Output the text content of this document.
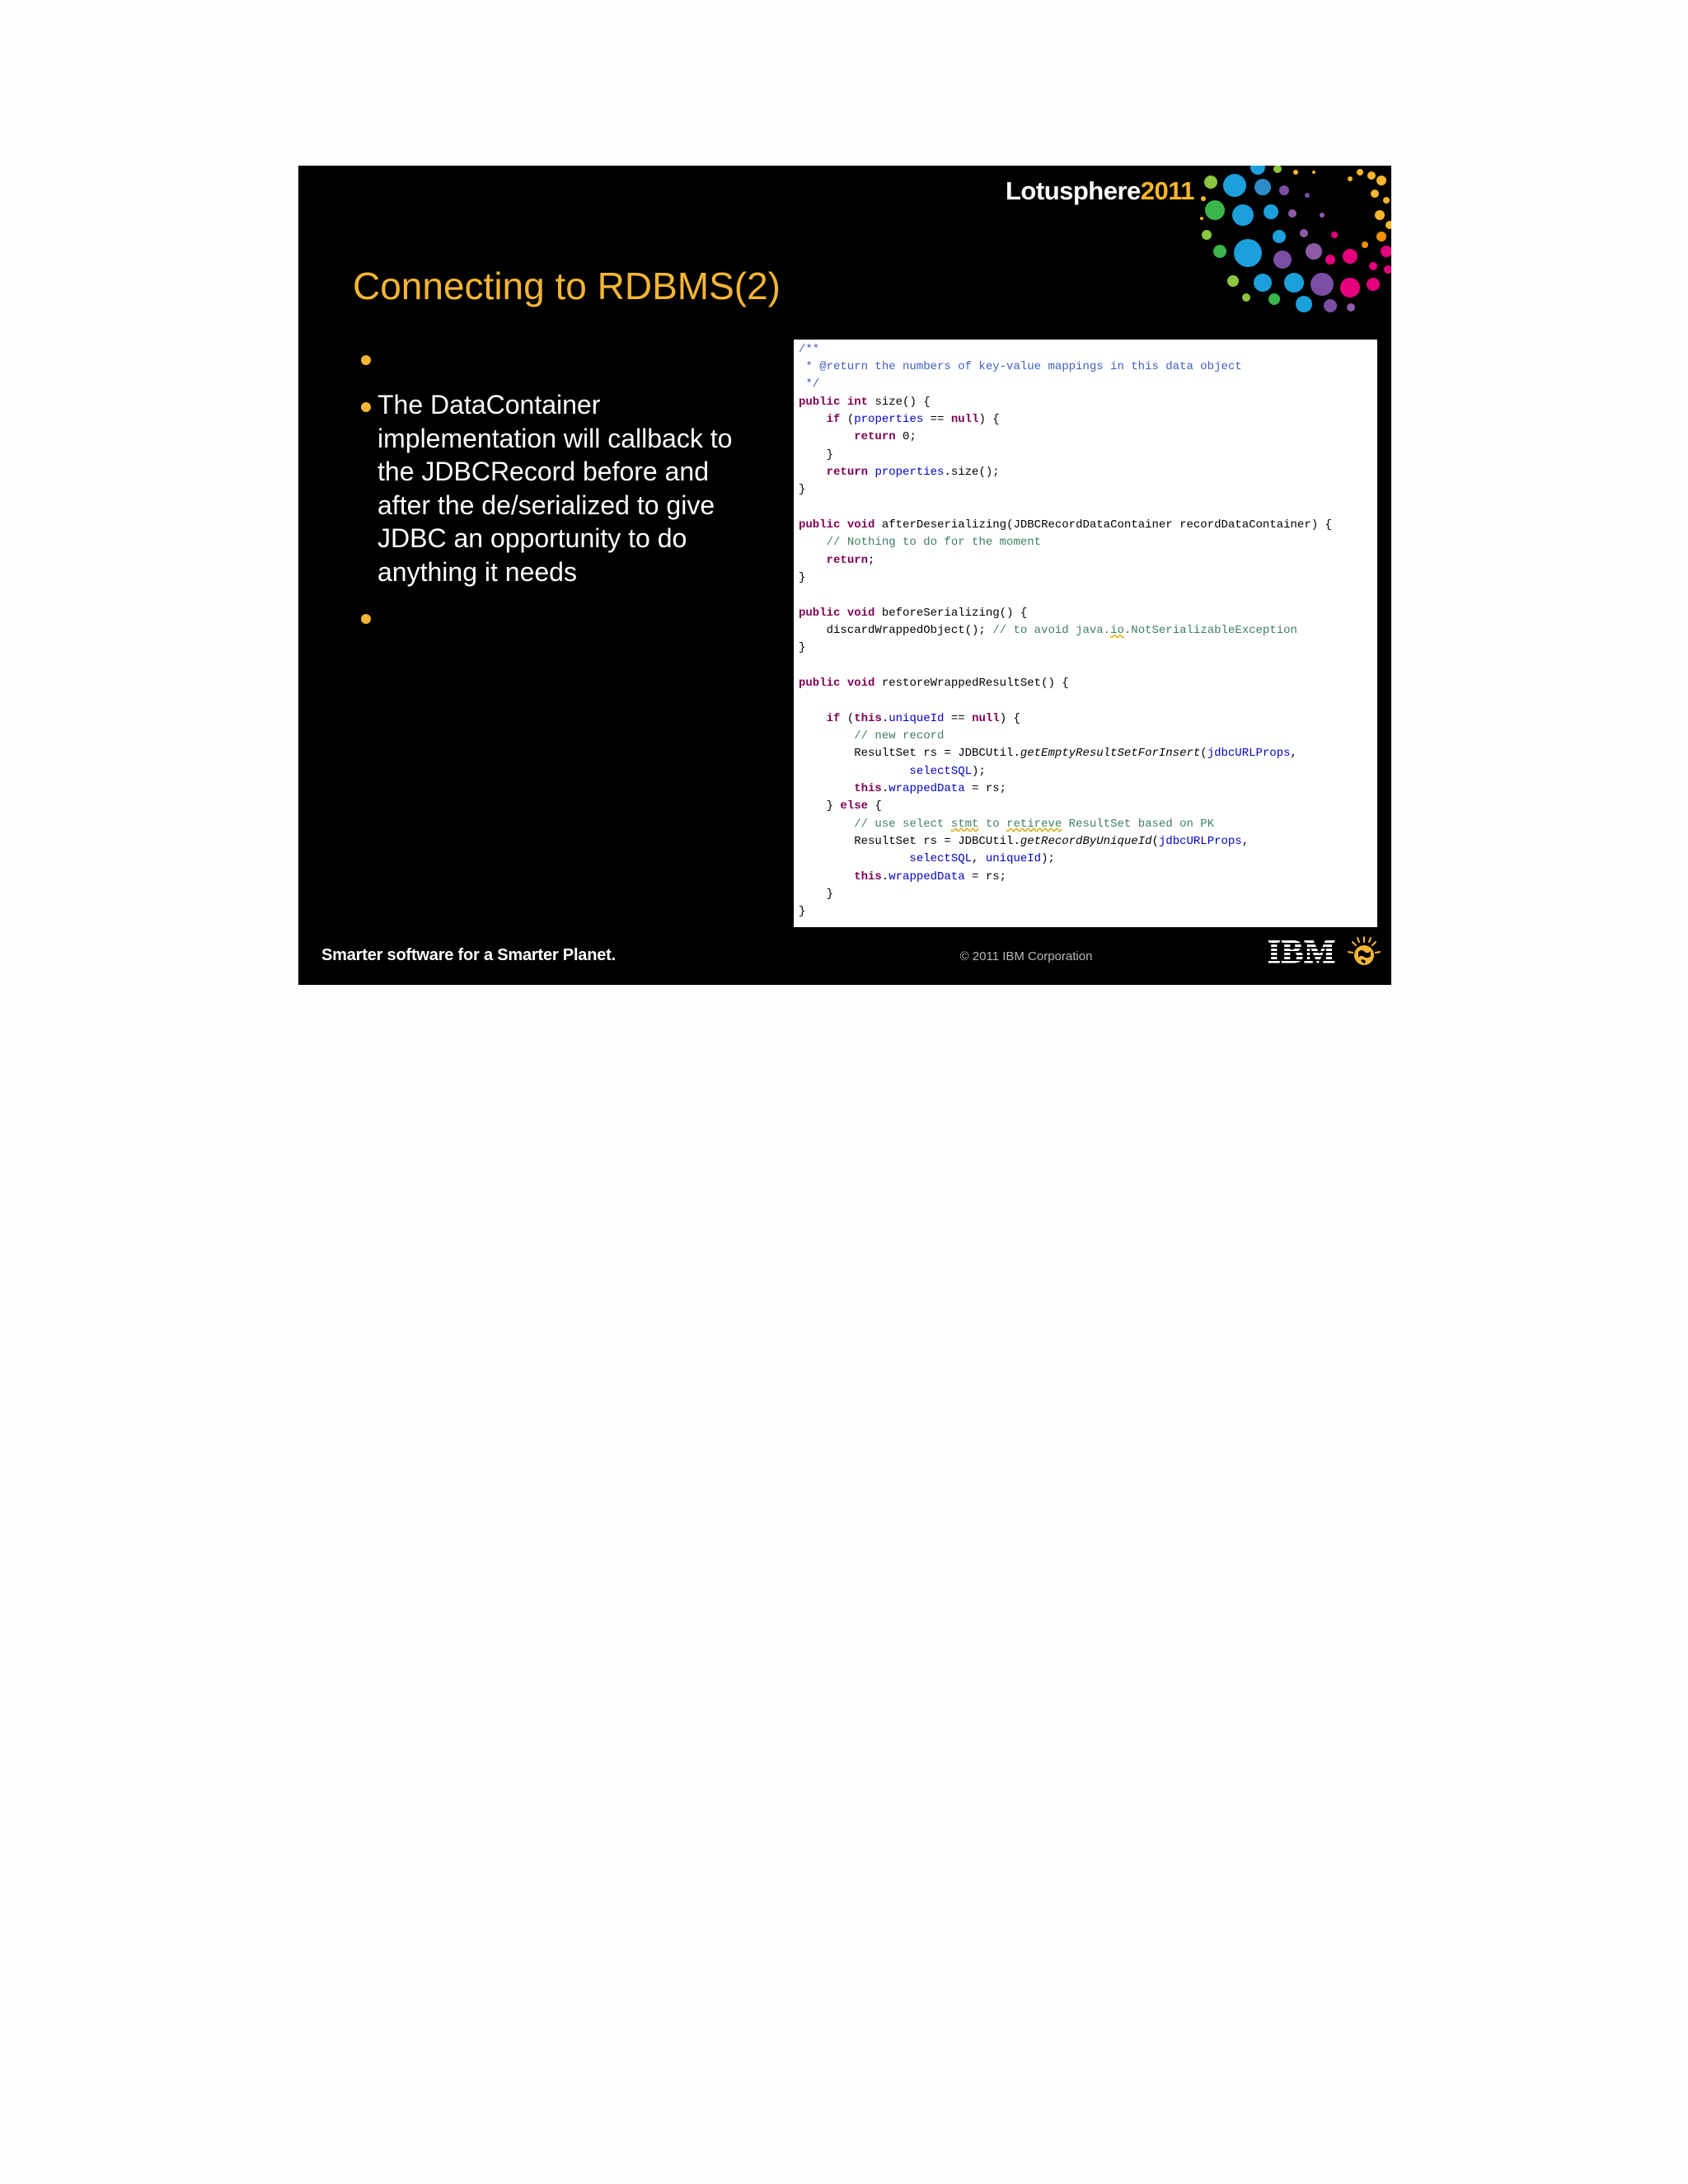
Lotusphere2011
Connecting to RDBMS(2)
The DataContainer implementation will callback to the JDBCRecord before and after the de/serialized to give JDBC an opportunity to do anything it needs
/**
* @return the numbers of key-value mappings in this data object
*/
public int size() {
if (properties == null) {
return 0;
}
return properties.size();
}
public void afterDeserializing(JDBCRecordDataContainer recordDataContainer) {
// Nothing to do for the moment
return;
}
public void beforeSerializing() {
discardWrappedObject(); // to avoid java.io.NotSerializableException
}
public void restoreWrappedResultSet() {
if (this.uniqueId == null) {
// new record
ResultSet rs = JDBCUtil.getEmptyResultSetForInsert(jdbcURLProps,
selectSQL);
this.wrappedData = rs;
} else {
// use select stmt to retireve ResultSet based on PK
ResultSet rs = JDBCUtil.getRecordByUniqueId(jdbcURLProps,
selectSQL, uniqueId);
this.wrappedData = rs;
}
}
Smarter software for a Smarter Planet.	© 2011 IBM Corporation
